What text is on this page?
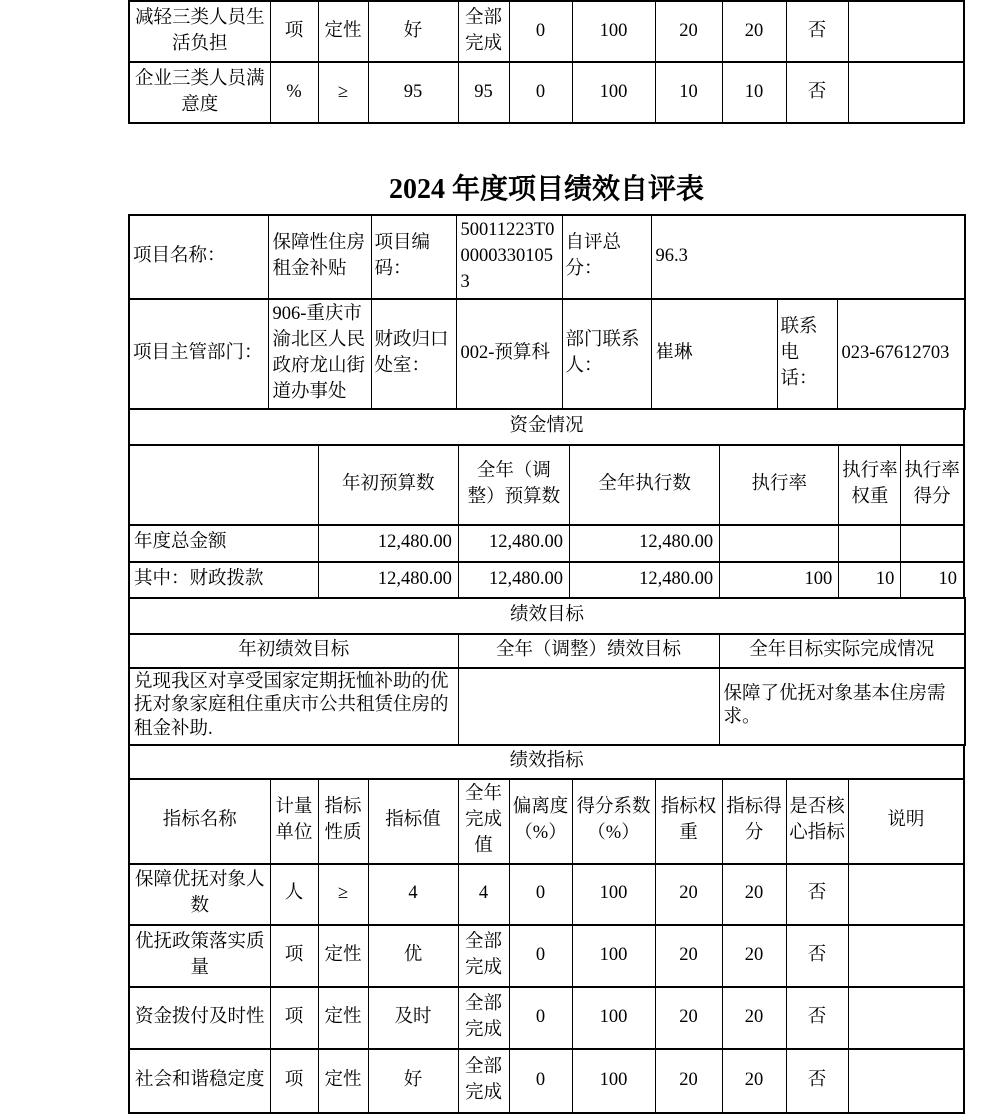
减轻三类人员生活负担	项	定性	好	全部完成	0	100	20	20	否	
企业三类人员满意度	%	≥	95	95	0	100	10	10	否	
2024 年度项目绩效自评表
项目名称：	保障性住房租金补贴	项目编码：	50011223T000003301053	自评总分：	96.3		
项目主管部门：	906-重庆市渝北区人民政府龙山街道办事处	财政归口处室：	002-预算科	部门联系人：	崔琳	联系电话：	023-67612703
资金情况						
	年初预算数	全年（调整）预算数	全年执行数	执行率	执行率权重	执行率得分
年度总金额	12,480.00	12,480.00	12,480.00			
其中：财政拨款	12,480.00	12,480.00	12,480.00	100	10	10
绩效目标		
年初绩效目标	全年（调整）绩效目标	全年目标实际完成情况
兑现我区对享受国家定期抚恤补助的优抚对象家庭租住重庆市公共租赁住房的租金补助.		保障了优抚对象基本住房需求。
绩效指标										
指标名称	计量单位	指标性质	指标值	全年完成值	偏离度（%）	得分系数（%）	指标权重	指标得分	是否核心指标	说明
保障优抚对象人数	人	≥	4	4	0	100	20	20	否	
优抚政策落实质量	项	定性	优	全部完成	0	100	20	20	否	
资金拨付及时性	项	定性	及时	全部完成	0	100	20	20	否	
社会和谐稳定度	项	定性	好	全部完成	0	100	20	20	否	
